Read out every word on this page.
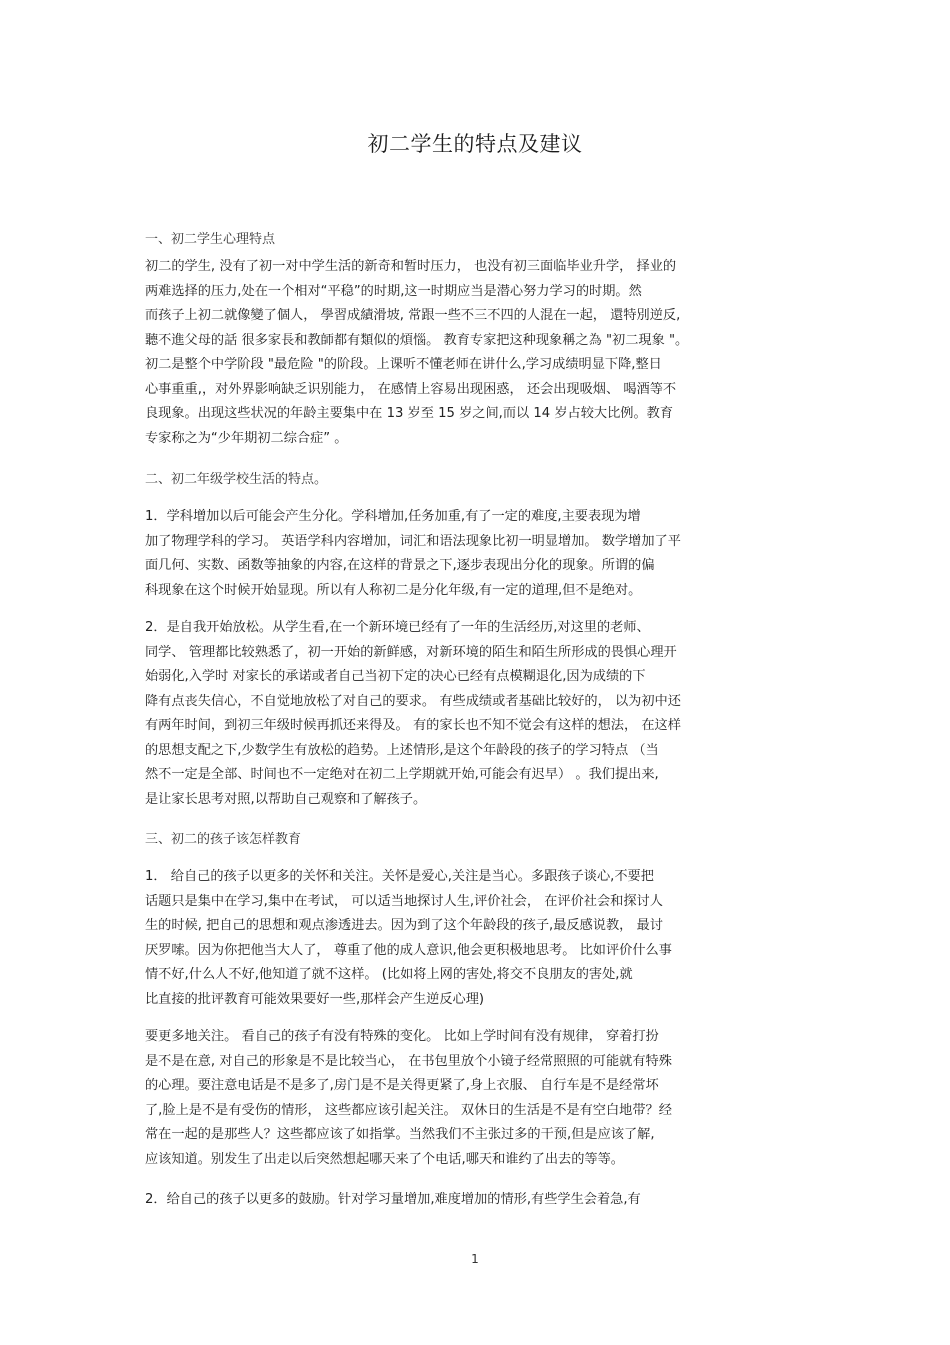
初二学生的特点及建议
一、初二学生心理特点
初二的学生, 没有了初一对中学生活的新奇和暂时压力， 也没有初三面临毕业升学， 择业的
两难选择的压力,处在一个相对“平稳”的时期,这一时期应当是潜心努力学习的时期。然
而孩子上初二就像變了個人， 學習成績滑坡, 常跟一些不三不四的人混在一起， 還特別逆反,
聽不進父母的話 很多家長和教師都有類似的煩惱。 教育专家把这种现象稱之為 "初二現象 "。
初二是整个中学阶段 "最危险 "的阶段。上课听不懂老师在讲什么,学习成绩明显下降,整日
心事重重,，对外界影响缺乏识别能力， 在感情上容易出现困惑， 还会出现吸烟、 喝酒等不
良现象。出现这些状况的年龄主要集中在 13 岁至 15 岁之间,而以 14 岁占较大比例。教育
专家称之为“少年期初二综合症” 。
二、初二年级学校生活的特点。
1．学科增加以后可能会产生分化。学科增加,任务加重,有了一定的难度,主要表现为增
加了物理学科的学习。 英语学科内容增加，词汇和语法现象比初一明显增加。 数学增加了平
面几何、实数、函数等抽象的内容,在这样的背景之下,逐步表现出分化的现象。所谓的偏
科现象在这个时候开始显现。所以有人称初二是分化年级,有一定的道理,但不是绝对。
2．是自我开始放松。从学生看,在一个新环境已经有了一年的生活经历,对这里的老师、
同学、 管理都比较熟悉了，初一开始的新鲜感，对新环境的陌生和陌生所形成的畏惧心理开
始弱化,入学时 对家长的承诺或者自己当初下定的决心已经有点模糊退化,因为成绩的下
降有点丧失信心，不自觉地放松了对自己的要求。 有些成绩或者基础比较好的， 以为初中还
有两年时间，到初三年级时候再抓还来得及。 有的家长也不知不觉会有这样的想法， 在这样
的思想支配之下,少数学生有放松的趋势。上述情形,是这个年龄段的孩子的学习特点 （当
然不一定是全部、时间也不一定绝对在初二上学期就开始,可能会有迟早） 。我们提出来,
是让家长思考对照,以帮助自己观察和了解孩子。
三、初二的孩子该怎样教育
1． 给自己的孩子以更多的关怀和关注。关怀是爱心,关注是当心。多跟孩子谈心,不要把
话题只是集中在学习,集中在考试， 可以适当地探讨人生,评价社会， 在评价社会和探讨人
生的时候, 把自己的思想和观点渗透进去。因为到了这个年龄段的孩子,最反感说教， 最讨
厌罗嗦。因为你把他当大人了， 尊重了他的成人意识,他会更积极地思考。 比如评价什么事
情不好,什么人不好,他知道了就不这样。 (比如将上网的害处,将交不良朋友的害处,就
比直接的批评教育可能效果要好一些,那样会产生逆反心理)
要更多地关注。 看自己的孩子有没有特殊的变化。 比如上学时间有没有规律， 穿着打扮
是不是在意, 对自己的形象是不是比较当心， 在书包里放个小镜子经常照照的可能就有特殊
的心理。要注意电话是不是多了,房门是不是关得更紧了,身上衣服、 自行车是不是经常坏
了,脸上是不是有受伤的情形， 这些都应该引起关注。 双休日的生活是不是有空白地带？经
常在一起的是那些人？这些都应该了如指掌。当然我们不主张过多的干预,但是应该了解,
应该知道。别发生了出走以后突然想起哪天来了个电话,哪天和谁约了出去的等等。
2．给自己的孩子以更多的鼓励。针对学习量增加,难度增加的情形,有些学生会着急,有
1
